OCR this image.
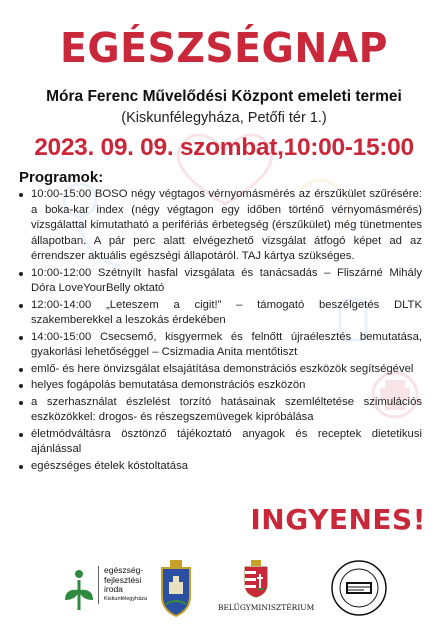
EGÉSZSÉGNAP
Móra Ferenc Művelődési Központ emeleti termei
(Kiskunfélegyháza, Petőfi tér 1.)
2023. 09. 09. szombat,10:00-15:00
Programok:
10:00-15:00 BOSO négy végtagos vérnyomásmérés az érszűkület szűrésére: a boka-kar index (négy végtagon egy időben történő vérnyomásmérés) vizsgálattal kimutatható a perifériás érbetegség (érszűkület) még tünetmentes állapotban. A pár perc alatt elvégezhető vizsgálat átfogó képet ad az érrendszer aktuális egészségi állapotáról. TAJ kártya szükséges.
10:00-12:00 Szétnyílt hasfal vizsgálata és tanácsadás – Fliszárné Mihály Dóra LoveYourBelly oktató
12:00-14:00 „Leteszem a cigit!” – támogató beszélgetés DLTK szakemberekkel a leszokás érdekében
14:00-15:00 Csecsemő, kisgyermek és felnőtt újraélesztés bemutatása, gyakorlási lehetőséggel – Csizmadia Anita mentőtiszt
emlő- és here önvizsgálat elsajátítása demonstrációs eszközök segítségével
helyes fogápolás bemutatása demonstrációs eszközön
a szerhasználat észlelést torzító hatásainak szemléltetése szimulációs eszközökkel: drogos- és részegszemüvegek kipróbálása
életmódváltásra ösztönző tájékoztató anyagok és receptek dietetikusi ajánlással
egészséges ételek kóstoltatása
INGYENES!
egészség-
fejlesztési
iroda
Kiskunfélegyháza
BELÜGYMINISZTÉRIUM
